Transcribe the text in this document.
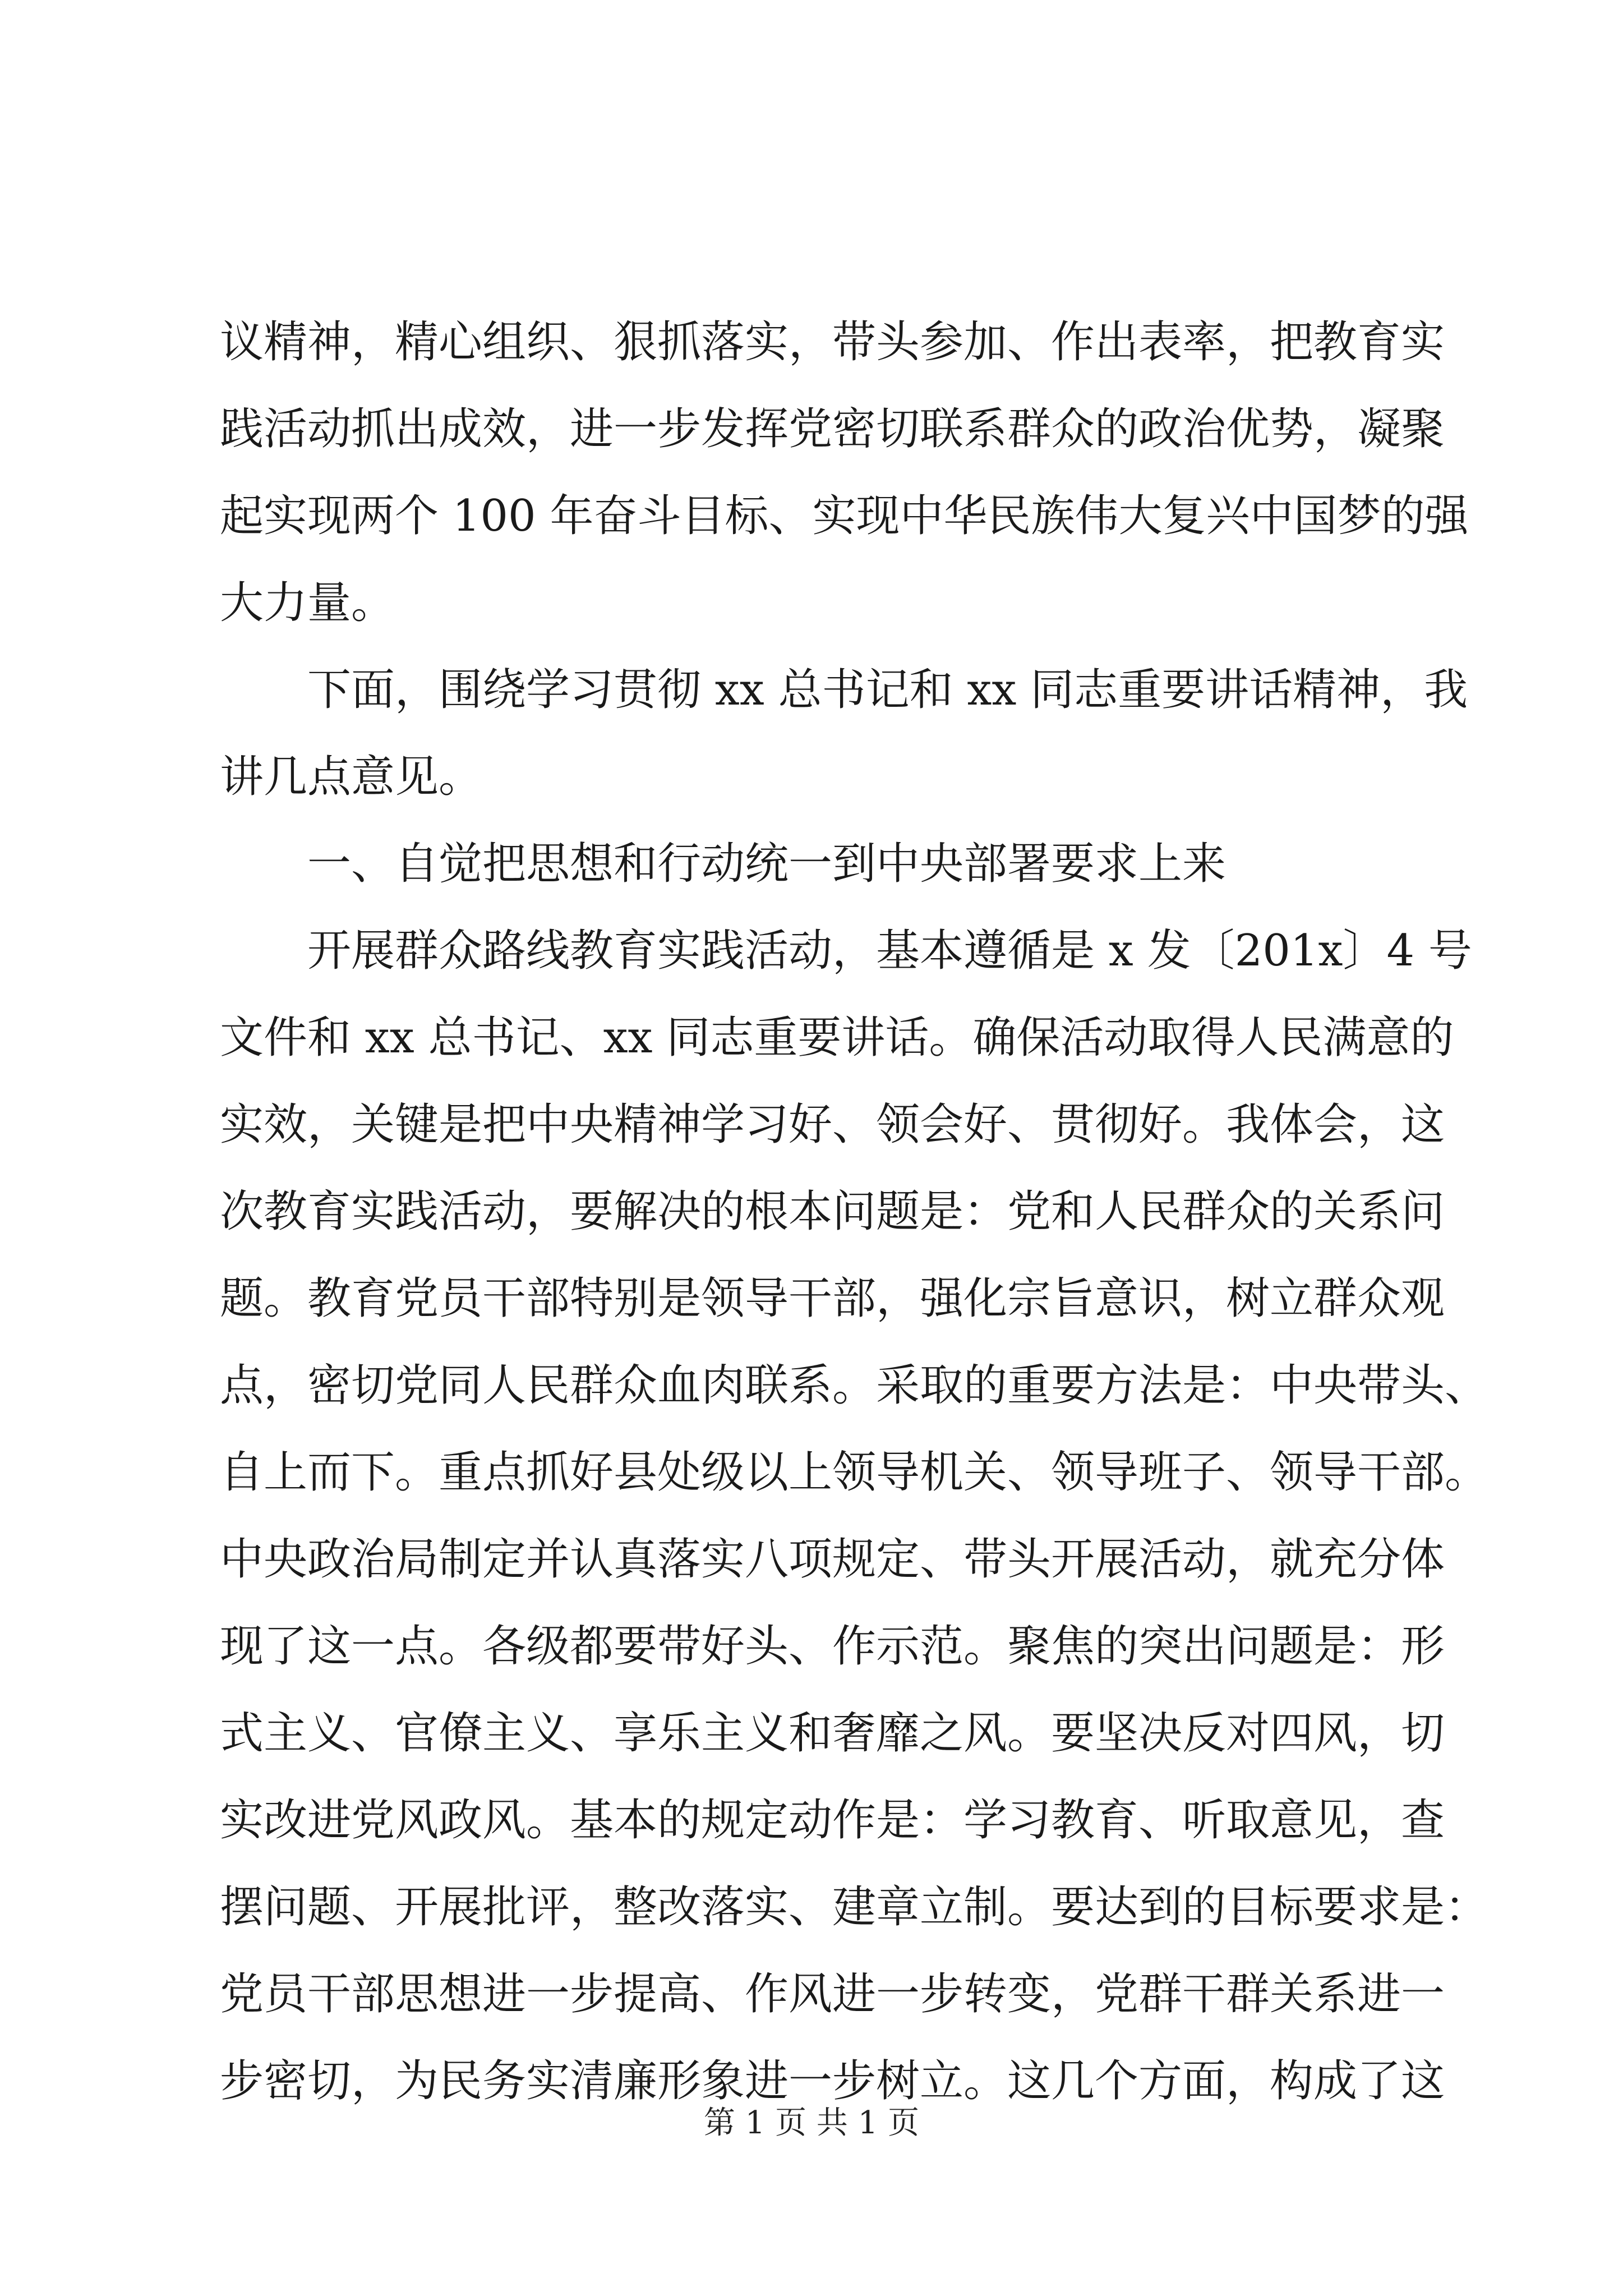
议精神，精心组织、狠抓落实，带头参加、作出表率，把教育实
践活动抓出成效，进一步发挥党密切联系群众的政治优势，凝聚
起实现两个 100 年奋斗目标、实现中华民族伟大复兴中国梦的强
大力量。
下面，围绕学习贯彻 xx 总书记和 xx 同志重要讲话精神，我
讲几点意见。
一、自觉把思想和行动统一到中央部署要求上来
开展群众路线教育实践活动，基本遵循是 x 发〔201x〕4 号
文件和 xx 总书记、xx 同志重要讲话。确保活动取得人民满意的
实效，关键是把中央精神学习好、领会好、贯彻好。我体会，这
次教育实践活动，要解决的根本问题是：党和人民群众的关系问
题。教育党员干部特别是领导干部，强化宗旨意识，树立群众观
点，密切党同人民群众血肉联系。采取的重要方法是：中央带头、
自上而下。重点抓好县处级以上领导机关、领导班子、领导干部。
中央政治局制定并认真落实八项规定、带头开展活动，就充分体
现了这一点。各级都要带好头、作示范。聚焦的突出问题是：形
式主义、官僚主义、享乐主义和奢靡之风。要坚决反对四风，切
实改进党风政风。基本的规定动作是：学习教育、听取意见，查
摆问题、开展批评，整改落实、建章立制。要达到的目标要求是：
党员干部思想进一步提高、作风进一步转变，党群干群关系进一
步密切，为民务实清廉形象进一步树立。这几个方面，构成了这
第 1 页 共 1 页
